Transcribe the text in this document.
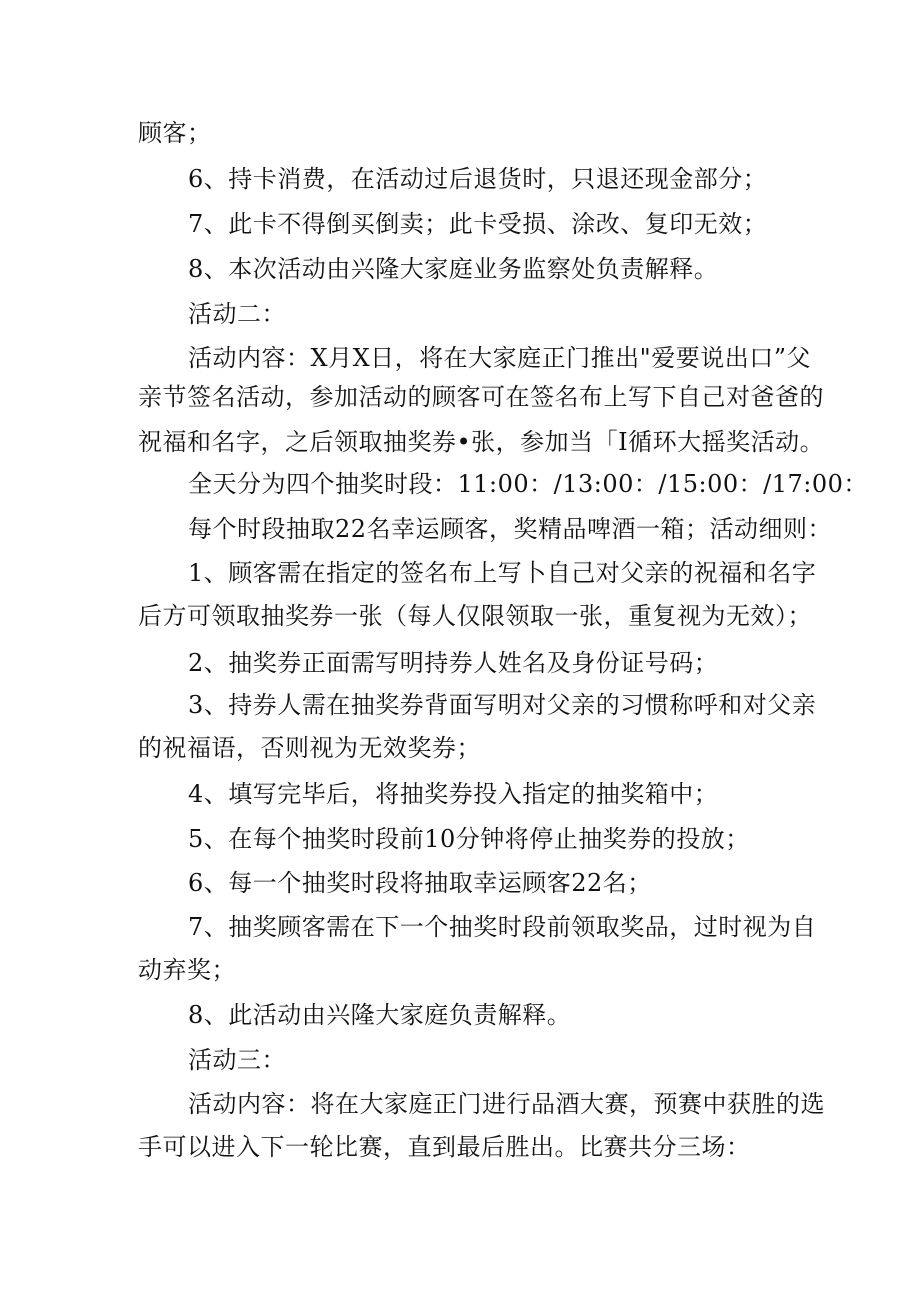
顾客；
6、持卡消费，在活动过后退货时，只退还现金部分；
7、此卡不得倒买倒卖；此卡受损、涂改、复印无效；
8、本次活动由兴隆大家庭业务监察处负责解释。
活动二：
活动内容：X月X日，将在大家庭正门推出"爱要说出口”父
亲节签名活动，参加活动的顾客可在签名布上写下自己对爸爸的
祝福和名字，之后领取抽奖券•张，参加当「I循环大摇奖活动。
全天分为四个抽奖时段：11:00：/13:00：/15:00：/17:00：
每个时段抽取22名幸运顾客，奖精品啤酒一箱；活动细则：
1、顾客需在指定的签名布上写卜自己对父亲的祝福和名字
后方可领取抽奖券一张（每人仅限领取一张，重复视为无效）；
2、抽奖券正面需写明持券人姓名及身份证号码；
3、持券人需在抽奖券背面写明对父亲的习惯称呼和对父亲
的祝福语，否则视为无效奖券；
4、填写完毕后，将抽奖券投入指定的抽奖箱中；
5、在每个抽奖时段前10分钟将停止抽奖券的投放；
6、每一个抽奖时段将抽取幸运顾客22名；
7、抽奖顾客需在下一个抽奖时段前领取奖品，过时视为自
动弃奖；
8、此活动由兴隆大家庭负责解释。
活动三：
活动内容：将在大家庭正门进行品酒大赛，预赛中获胜的选
手可以进入下一轮比赛，直到最后胜出。比赛共分三场：
